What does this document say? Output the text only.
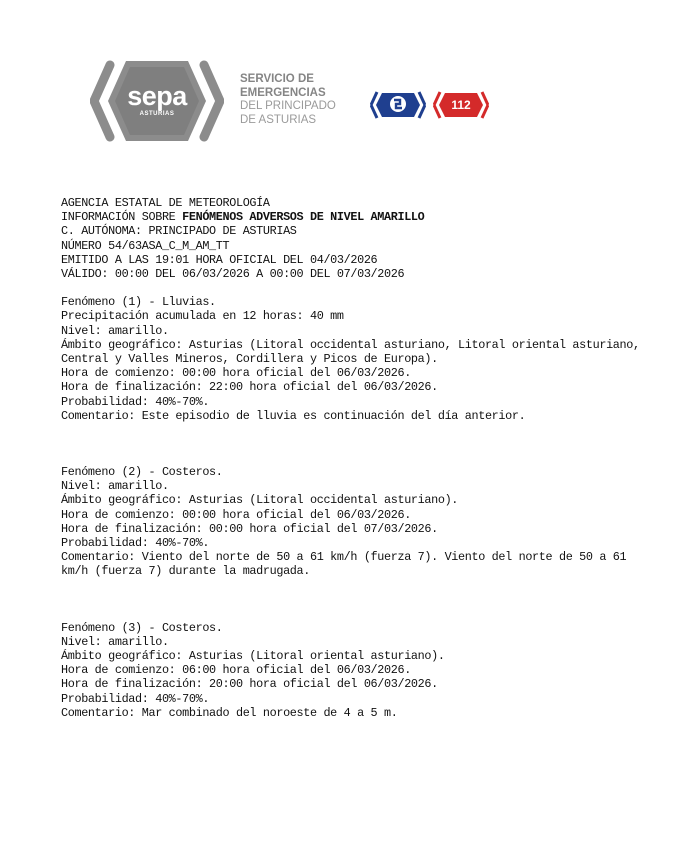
sepa
ASTURIAS
SERVICIO DE
EMERGENCIAS
DEL PRINCIPADO
DE ASTURIAS
112
AGENCIA ESTATAL DE METEOROLOGÍA
INFORMACIÓN SOBRE FENÓMENOS ADVERSOS DE NIVEL AMARILLO
C. AUTÓNOMA: PRINCIPADO DE ASTURIAS
NÚMERO 54/63ASA_C_M_AM_TT
EMITIDO A LAS 19:01 HORA OFICIAL DEL 04/03/2026
VÁLIDO: 00:00 DEL 06/03/2026 A 00:00 DEL 07/03/2026
Fenómeno (1) - Lluvias.
Precipitación acumulada en 12 horas: 40 mm
Nivel: amarillo.
Ámbito geográfico: Asturias (Litoral occidental asturiano, Litoral oriental asturiano, Central y Valles Mineros, Cordillera y Picos de Europa).
Hora de comienzo: 00:00 hora oficial del 06/03/2026.
Hora de finalización: 22:00 hora oficial del 06/03/2026.
Probabilidad: 40%-70%.
Comentario: Este episodio de lluvia es continuación del día anterior.
Fenómeno (2) - Costeros.
Nivel: amarillo.
Ámbito geográfico: Asturias (Litoral occidental asturiano).
Hora de comienzo: 00:00 hora oficial del 06/03/2026.
Hora de finalización: 00:00 hora oficial del 07/03/2026.
Probabilidad: 40%-70%.
Comentario: Viento del norte de 50 a 61 km/h (fuerza 7). Viento del norte de 50 a 61 km/h (fuerza 7) durante la madrugada.
Fenómeno (3) - Costeros.
Nivel: amarillo.
Ámbito geográfico: Asturias (Litoral oriental asturiano).
Hora de comienzo: 06:00 hora oficial del 06/03/2026.
Hora de finalización: 20:00 hora oficial del 06/03/2026.
Probabilidad: 40%-70%.
Comentario: Mar combinado del noroeste de 4 a 5 m.
